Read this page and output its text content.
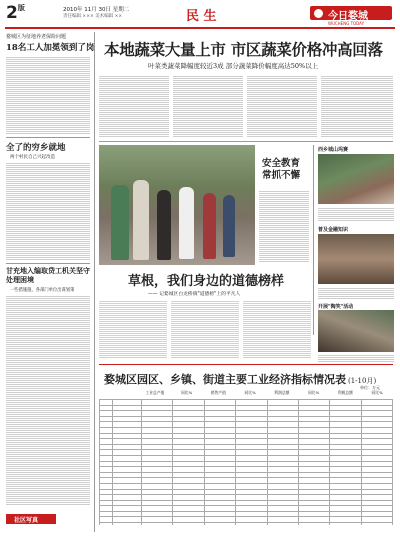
$2^版$	2010年 11月 30日 星期二
责任编辑 ××× 美术编辑 ××	民 生	今日婺城
WUCHENG TODAY
婺城区为征地养老保险问题
18名工人加冕领到了岗
全了的穷乡就地
两个村民自己兴起改造
甘充地入编取贷工机关坚守处理困境
一些措施施，各部门单位出谋划策
社区写真
本地蔬菜大量上市 市区蔬菜价格冲高回落
叶菜类蔬菜降幅度较近3成 部分蔬菜降价幅度高达50%以上
安全教育常抓不懈
草根，我们身边的道德榜样
—— 记婺城区白龙桥镇"道德榜"上的平凡人
西乡城山坞赛
普及金融知识
开展"陶笑"活动
婺城区园区、乡镇、街道主要工业经济指标情况表 (1-10月)
单位：万元
工业总产值	同比%	销售产值	同比%	利润总额	同比%	利税总额	同比%
